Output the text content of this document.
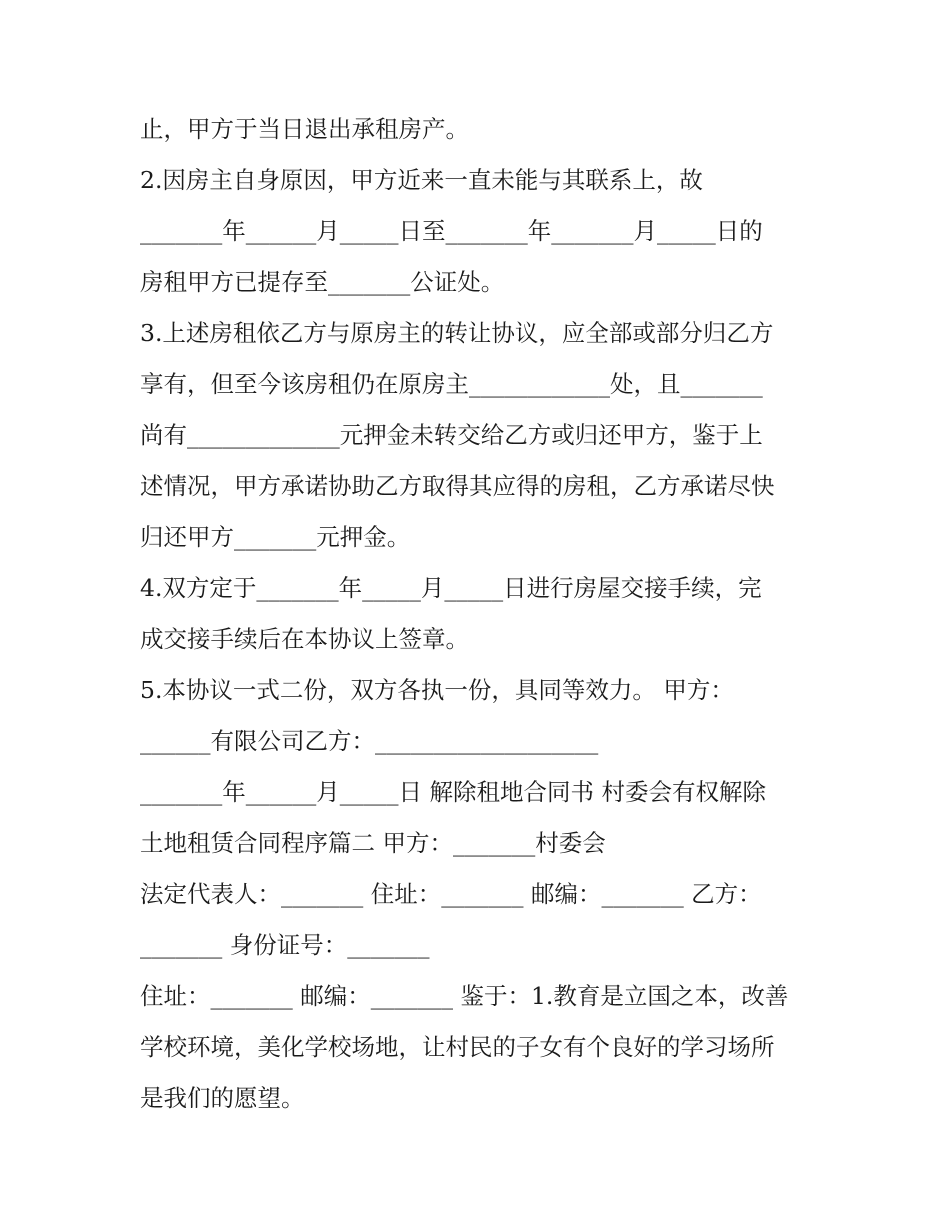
止，甲方于当日退出承租房产。
2.因房主自身原因，甲方近来一直未能与其联系上，故
_______年______月_____日至_______年_______月_____日的
房租甲方已提存至_______公证处。
3.上述房租依乙方与原房主的转让协议，应全部或部分归乙方
享有，但至今该房租仍在原房主____________处，且_______
尚有_____________元押金未转交给乙方或归还甲方，鉴于上
述情况，甲方承诺协助乙方取得其应得的房租，乙方承诺尽快
归还甲方_______元押金。
4.双方定于_______年_____月_____日进行房屋交接手续，完
成交接手续后在本协议上签章。
5.本协议一式二份，双方各执一份，具同等效力。 甲方：
______有限公司乙方：___________________
_______年______月_____日 解除租地合同书 村委会有权解除
土地租赁合同程序篇二 甲方：_______村委会
法定代表人：_______ 住址：_______ 邮编：_______ 乙方：
_______ 身份证号：_______
住址：_______ 邮编：_______ 鉴于：1.教育是立国之本，改善
学校环境，美化学校场地，让村民的子女有个良好的学习场所
是我们的愿望。
